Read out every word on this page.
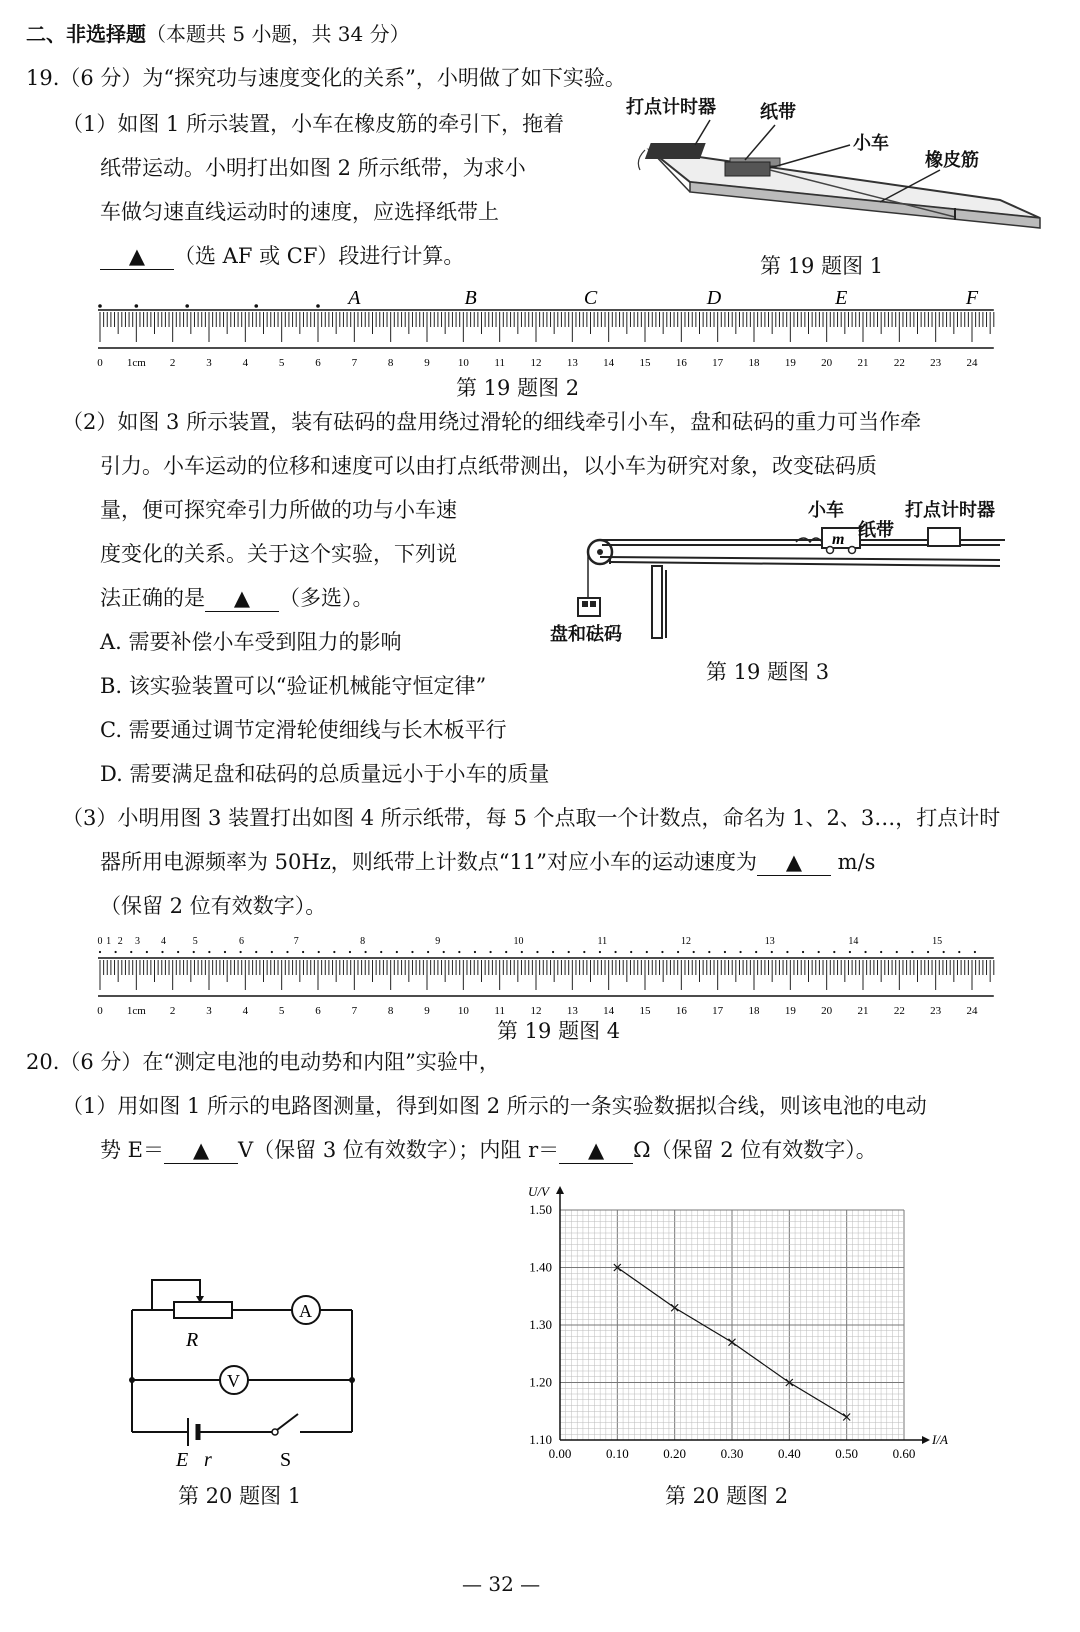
二、非选择题（本题共 5 小题，共 34 分）
19.（6 分）为“探究功与速度变化的关系”，小明做了如下实验。
（1）如图 1 所示装置，小车在橡皮筋的牵引下，拖着
纸带运动。小明打出如图 2 所示纸带，为求小
车做匀速直线运动时的速度，应选择纸带上
▲ （选 AF 或 CF）段进行计算。
打点计时器 纸带
小车
橡皮筋
第 19 题图 1
0 1cm 2	3	4	5	6	7	8	9	10 11 12 13 14 15 16 17 18 19 20 21 22 23 24
A	B	C	D	E	F
第 19 题图 2
（2）如图 3 所示装置，装有砝码的盘用绕过滑轮的细线牵引小车，盘和砝码的重力可当作牵
引力。小车运动的位移和速度可以由打点纸带测出，以小车为研究对象，改变砝码质
量，便可探究牵引力所做的功与小车速
度变化的关系。关于这个实验，下列说
法正确的是 ▲ （多选）。
A. 需要补偿小车受到阻力的影响
B. 该实验装置可以“验证机械能守恒定律”
C. 需要通过调节定滑轮使细线与长木板平行
D. 需要满足盘和砝码的总质量远小于小车的质量
m
小车
纸带
打点计时器
盘和砝码
第 19 题图 3
（3）小明用图 3 装置打出如图 4 所示纸带，每 5 个点取一个计数点，命名为 1、2、3…，打点计时
器所用电源频率为 50Hz，则纸带上计数点“11”对应小车的运动速度为 ▲ m/s
（保留 2 位有效数字）。
0 1cm 2	3	4	5	6	7	8	9	10 11 12 13 14 15 16 17 18 19 20 21 22 23 24
0 1 2 3 4	5	6	7	8	9	10	11	12	13	14	15
第 19 题图 4
20.（6 分）在“测定电池的电动势和内阻”实验中，
（1）用如图 1 所示的电路图测量，得到如图 2 所示的一条实验数据拟合线，则该电池的电动
势 E＝ ▲ V（保留 3 位有效数字）；内阻 r＝ ▲ Ω（保留 2 位有效数字）。
R
A
V
E r	S
第 20 题图 1
0.00	0.10	0.20	0.30	0.40	0.50	0.60
1.10
1.20
1.30
1.40
1.50
I/A
U/V
第 20 题图 2
— 32 —
